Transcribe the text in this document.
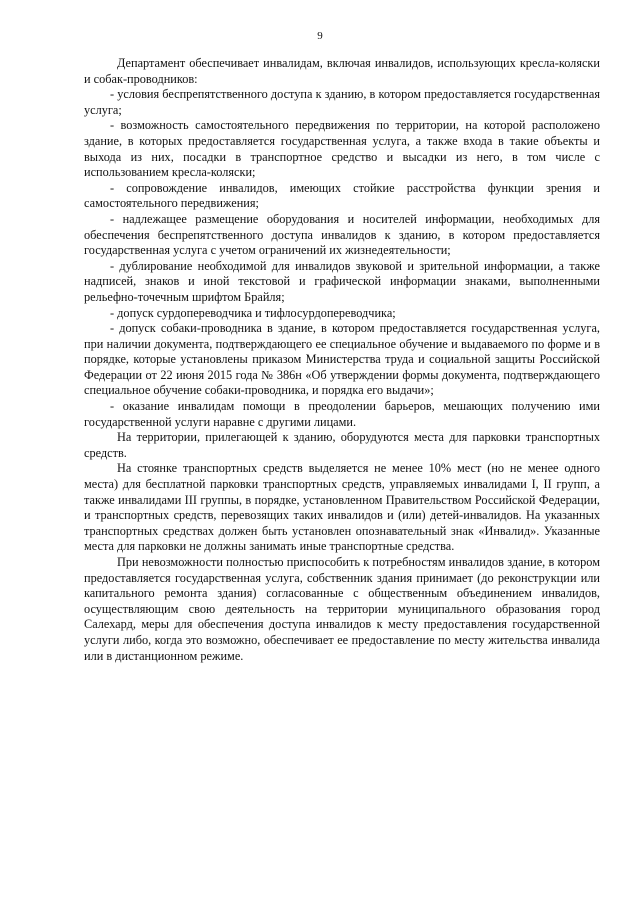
9

Департамент обеспечивает инвалидам, включая инвалидов, использующих кресла-коляски и собак-проводников:

- условия беспрепятственного доступа к зданию, в котором предоставляется государственная услуга;

- возможность самостоятельного передвижения по территории, на которой расположено здание, в которых предоставляется государственная услуга, а также входа в такие объекты и выхода из них, посадки в транспортное средство и высадки из него, в том числе с использованием кресла-коляски;

- сопровождение инвалидов, имеющих стойкие расстройства функции зрения и самостоятельного передвижения;

- надлежащее размещение оборудования и носителей информации, необходимых для обеспечения беспрепятственного доступа инвалидов к зданию, в котором предоставляется государственная услуга с учетом ограничений их жизнедеятельности;

- дублирование необходимой для инвалидов звуковой и зрительной информации, а также надписей, знаков и иной текстовой и графической информации знаками, выполненными рельефно-точечным шрифтом Брайля;

- допуск сурдопереводчика и тифлосурдопереводчика;

- допуск собаки-проводника в здание, в котором предоставляется государственная услуга, при наличии документа, подтверждающего ее специальное обучение и выдаваемого по форме и в порядке, которые установлены приказом Министерства труда и социальной защиты Российской Федерации от 22 июня 2015 года № 386н «Об утверждении формы документа, подтверждающего специальное обучение собаки-проводника, и порядка его выдачи»;

- оказание инвалидам помощи в преодолении барьеров, мешающих получению ими государственной услуги наравне с другими лицами.

На территории, прилегающей к зданию, оборудуются места для парковки транспортных средств.

На стоянке транспортных средств выделяется не менее 10% мест (но не менее одного места) для бесплатной парковки транспортных средств, управляемых инвалидами I, II групп, а также инвалидами III группы, в порядке, установленном Правительством Российской Федерации, и транспортных средств, перевозящих таких инвалидов и (или) детей-инвалидов. На указанных транспортных средствах должен быть установлен опознавательный знак «Инвалид». Указанные места для парковки не должны занимать иные транспортные средства.

При невозможности полностью приспособить к потребностям инвалидов здание, в котором предоставляется государственная услуга, собственник здания принимает (до реконструкции или капитального ремонта здания) согласованные с общественным объединением инвалидов, осуществляющим свою деятельность на территории муниципального образования город Салехард, меры для обеспечения доступа инвалидов к месту предоставления государственной услуги либо, когда это возможно, обеспечивает ее предоставление по месту жительства инвалида или в дистанционном режиме.
